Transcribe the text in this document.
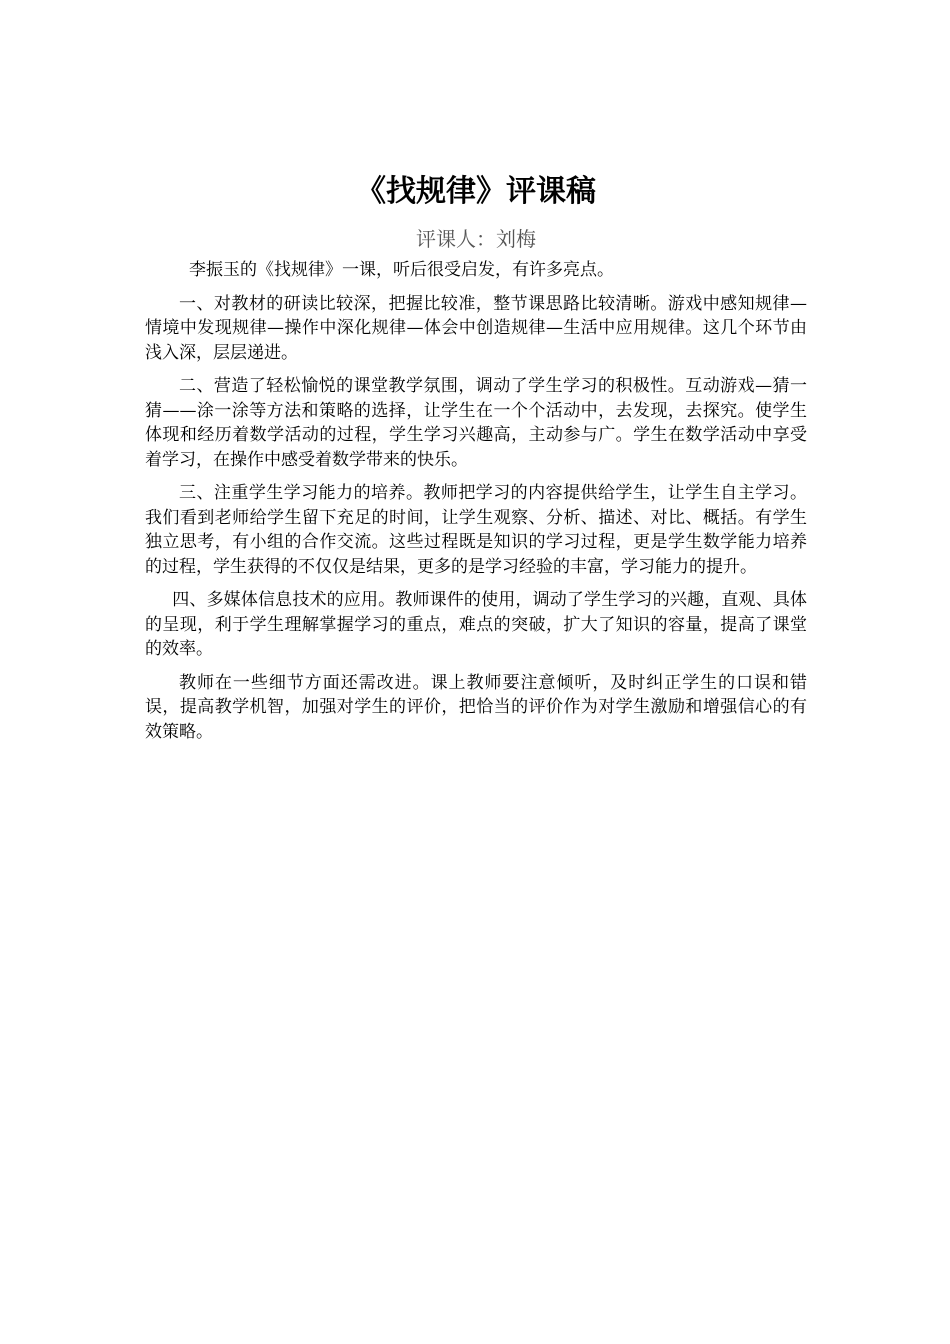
《找规律》评课稿
评课人：刘梅

李振玉的《找规律》一课，听后很受启发，有许多亮点。

一、对教材的研读比较深，把握比较准，整节课思路比较清晰。游戏中感知规律—情境中发现规律—操作中深化规律—体会中创造规律—生活中应用规律。这几个环节由浅入深，层层递进。

二、营造了轻松愉悦的课堂教学氛围，调动了学生学习的积极性。互动游戏—猜一猜——涂一涂等方法和策略的选择，让学生在一个个活动中，去发现，去探究。使学生体现和经历着数学活动的过程，学生学习兴趣高，主动参与广。学生在数学活动中享受着学习，在操作中感受着数学带来的快乐。

三、注重学生学习能力的培养。教师把学习的内容提供给学生，让学生自主学习。我们看到老师给学生留下充足的时间，让学生观察、分析、描述、对比、概括。有学生独立思考，有小组的合作交流。这些过程既是知识的学习过程，更是学生数学能力培养的过程，学生获得的不仅仅是结果，更多的是学习经验的丰富，学习能力的提升。

四、多媒体信息技术的应用。教师课件的使用，调动了学生学习的兴趣，直观、具体的呈现，利于学生理解掌握学习的重点，难点的突破，扩大了知识的容量，提高了课堂的效率。

教师在一些细节方面还需改进。课上教师要注意倾听，及时纠正学生的口误和错误，提高教学机智，加强对学生的评价，把恰当的评价作为对学生激励和增强信心的有效策略。
